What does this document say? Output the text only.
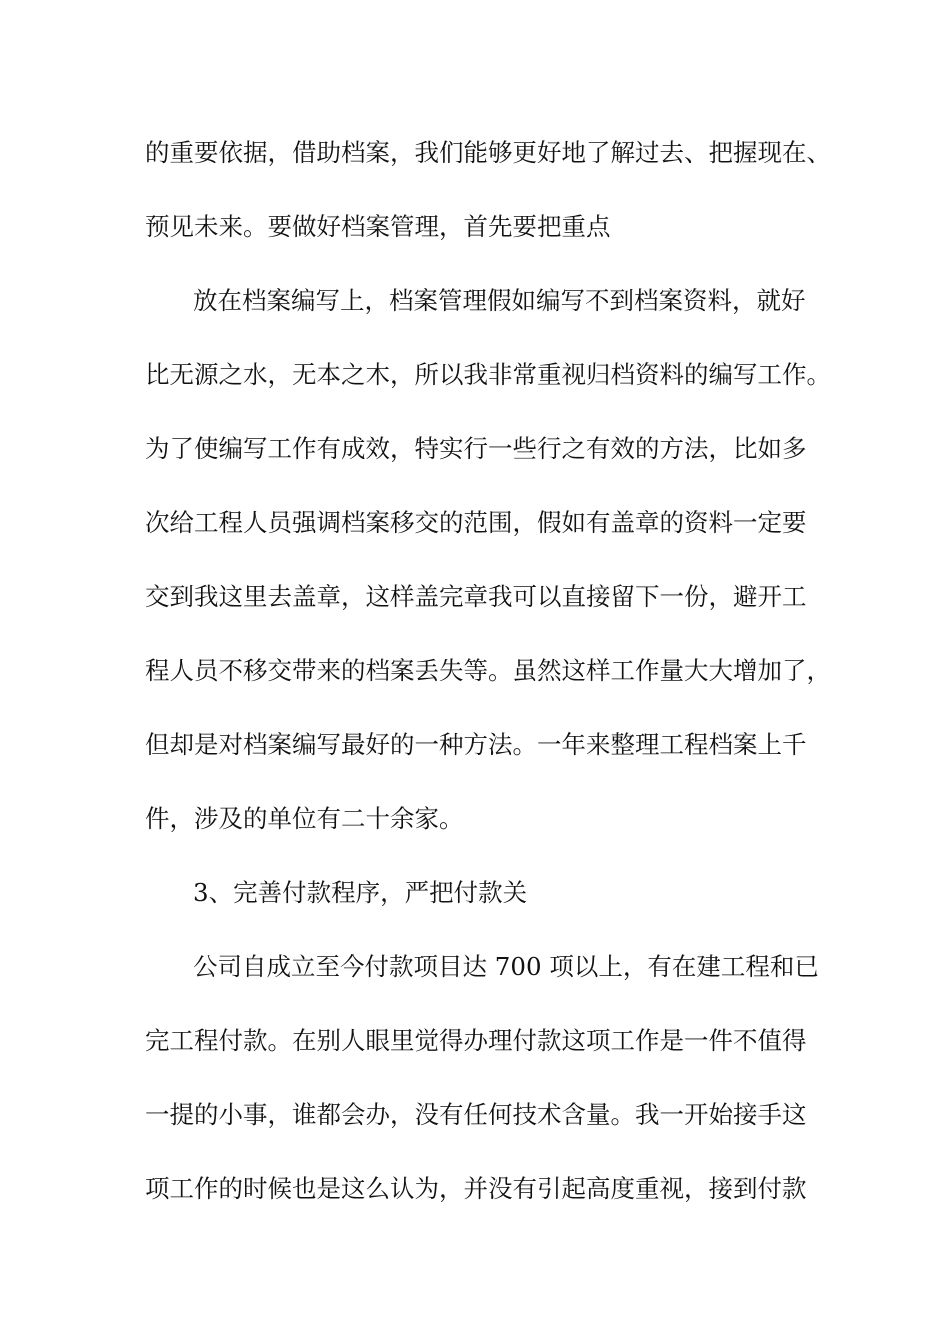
的重要依据，借助档案，我们能够更好地了解过去、把握现在、
预见未来。要做好档案管理，首先要把重点
放在档案编写上，档案管理假如编写不到档案资料，就好
比无源之水，无本之木，所以我非常重视归档资料的编写工作。
为了使编写工作有成效，特实行一些行之有效的方法，比如多
次给工程人员强调档案移交的范围，假如有盖章的资料一定要
交到我这里去盖章，这样盖完章我可以直接留下一份，避开工
程人员不移交带来的档案丢失等。虽然这样工作量大大增加了，
但却是对档案编写最好的一种方法。一年来整理工程档案上千
件，涉及的单位有二十余家。
3、完善付款程序，严把付款关
公司自成立至今付款项目达 700 项以上，有在建工程和已
完工程付款。在别人眼里觉得办理付款这项工作是一件不值得
一提的小事，谁都会办，没有任何技术含量。我一开始接手这
项工作的时候也是这么认为，并没有引起高度重视，接到付款
